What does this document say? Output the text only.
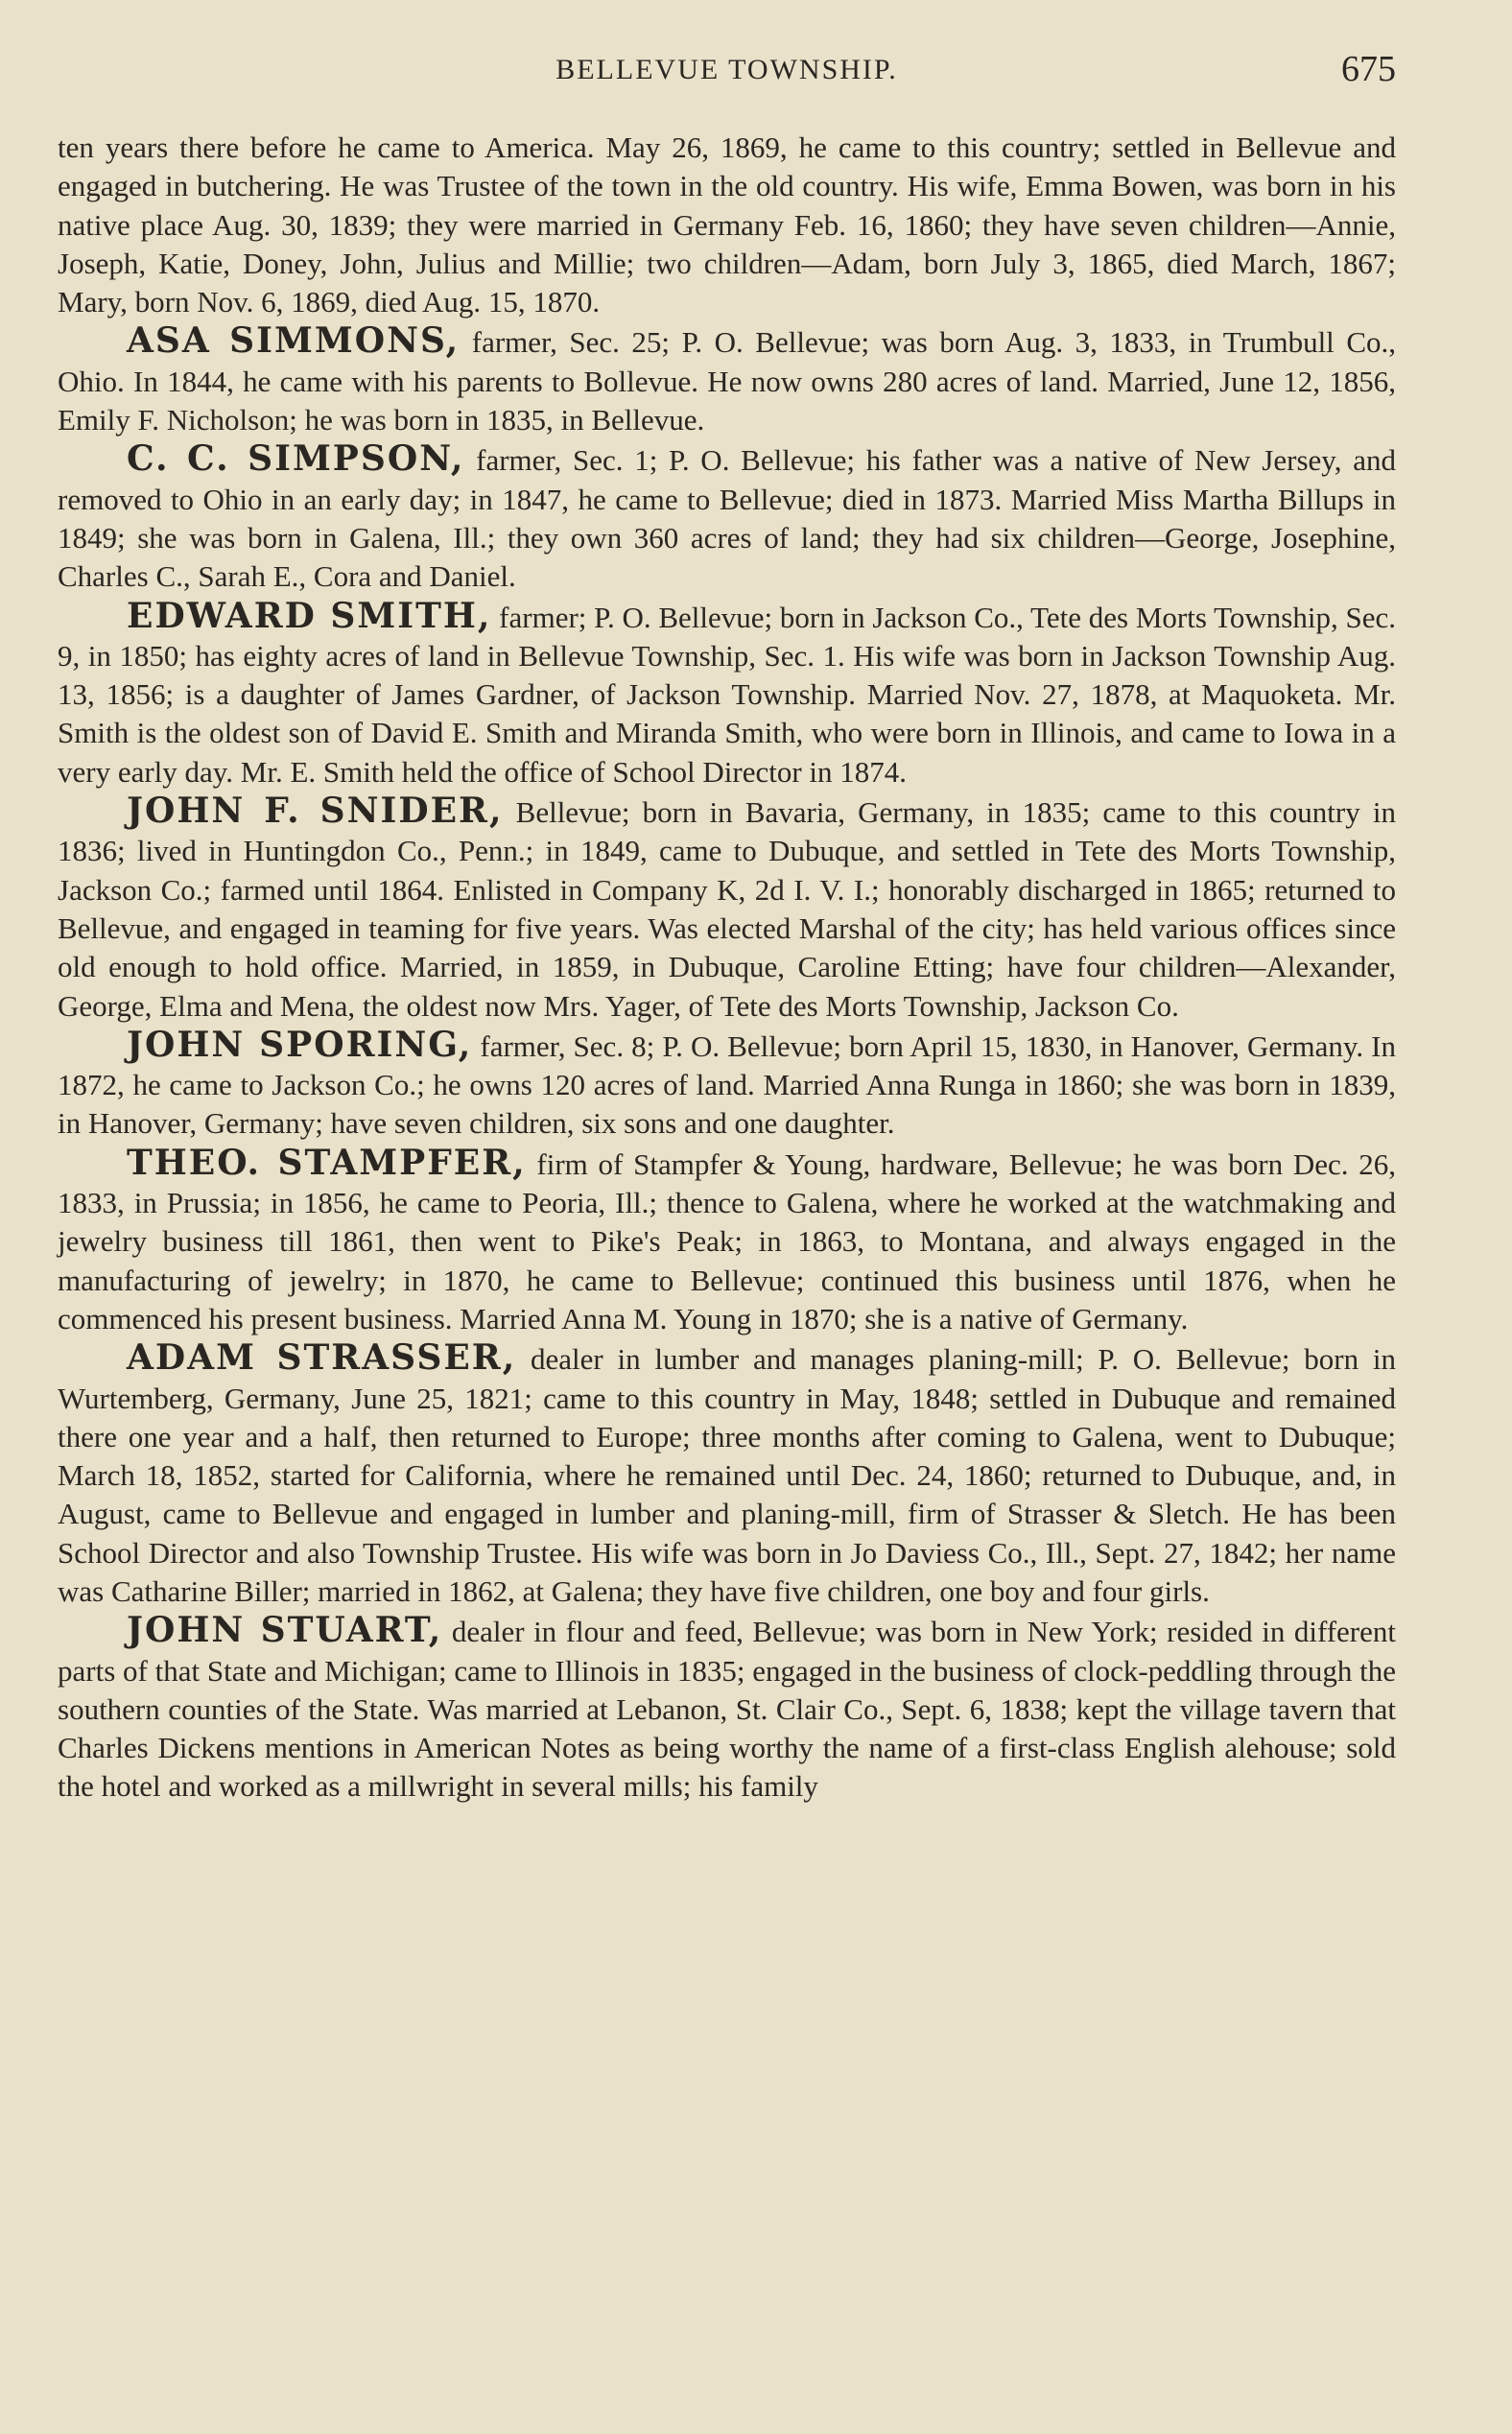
BELLEVUE TOWNSHIP.	675

ten years there before he came to America. May 26, 1869, he came to this country; settled in Bellevue and engaged in butchering. He was Trustee of the town in the old country. His wife, Emma Bowen, was born in his native place Aug. 30, 1839; they were married in Germany Feb. 16, 1860; they have seven children—Annie, Joseph, Katie, Doney, John, Julius and Millie; two children—Adam, born July 3, 1865, died March, 1867; Mary, born Nov. 6, 1869, died Aug. 15, 1870.

ASA SIMMONS, farmer, Sec. 25; P. O. Bellevue; was born Aug. 3, 1833, in Trumbull Co., Ohio. In 1844, he came with his parents to Bollevue. He now owns 280 acres of land. Married, June 12, 1856, Emily F. Nicholson; he was born in 1835, in Bellevue.

C. C. SIMPSON, farmer, Sec. 1; P. O. Bellevue; his father was a native of New Jersey, and removed to Ohio in an early day; in 1847, he came to Bellevue; died in 1873. Married Miss Martha Billups in 1849; she was born in Galena, Ill.; they own 360 acres of land; they had six children—George, Josephine, Charles C., Sarah E., Cora and Daniel.

EDWARD SMITH, farmer; P. O. Bellevue; born in Jackson Co., Tete des Morts Township, Sec. 9, in 1850; has eighty acres of land in Bellevue Township, Sec. 1. His wife was born in Jackson Township Aug. 13, 1856; is a daughter of James Gardner, of Jackson Township. Married Nov. 27, 1878, at Maquoketa. Mr. Smith is the oldest son of David E. Smith and Miranda Smith, who were born in Illinois, and came to Iowa in a very early day. Mr. E. Smith held the office of School Director in 1874.

JOHN F. SNIDER, Bellevue; born in Bavaria, Germany, in 1835; came to this country in 1836; lived in Huntingdon Co., Penn.; in 1849, came to Dubuque, and settled in Tete des Morts Township, Jackson Co.; farmed until 1864. Enlisted in Company K, 2d I. V. I.; honorably discharged in 1865; returned to Bellevue, and engaged in teaming for five years. Was elected Marshal of the city; has held various offices since old enough to hold office. Married, in 1859, in Dubuque, Caroline Etting; have four children—Alexander, George, Elma and Mena, the oldest now Mrs. Yager, of Tete des Morts Township, Jackson Co.

JOHN SPORING, farmer, Sec. 8; P. O. Bellevue; born April 15, 1830, in Hanover, Germany. In 1872, he came to Jackson Co.; he owns 120 acres of land. Married Anna Runga in 1860; she was born in 1839, in Hanover, Germany; have seven children, six sons and one daughter.

THEO. STAMPFER, firm of Stampfer & Young, hardware, Bellevue; he was born Dec. 26, 1833, in Prussia; in 1856, he came to Peoria, Ill.; thence to Galena, where he worked at the watchmaking and jewelry business till 1861, then went to Pike's Peak; in 1863, to Montana, and always engaged in the manufacturing of jewelry; in 1870, he came to Bellevue; continued this business until 1876, when he commenced his present business. Married Anna M. Young in 1870; she is a native of Germany.

ADAM STRASSER, dealer in lumber and manages planing-mill; P. O. Bellevue; born in Wurtemberg, Germany, June 25, 1821; came to this country in May, 1848; settled in Dubuque and remained there one year and a half, then returned to Europe; three months after coming to Galena, went to Dubuque; March 18, 1852, started for California, where he remained until Dec. 24, 1860; returned to Dubuque, and, in August, came to Bellevue and engaged in lumber and planing-mill, firm of Strasser & Sletch. He has been School Director and also Township Trustee. His wife was born in Jo Daviess Co., Ill., Sept. 27, 1842; her name was Catharine Biller; married in 1862, at Galena; they have five children, one boy and four girls.

JOHN STUART, dealer in flour and feed, Bellevue; was born in New York; resided in different parts of that State and Michigan; came to Illinois in 1835; engaged in the business of clock-peddling through the southern counties of the State. Was married at Lebanon, St. Clair Co., Sept. 6, 1838; kept the village tavern that Charles Dickens mentions in American Notes as being worthy the name of a first-class English alehouse; sold the hotel and worked as a millwright in several mills; his family
